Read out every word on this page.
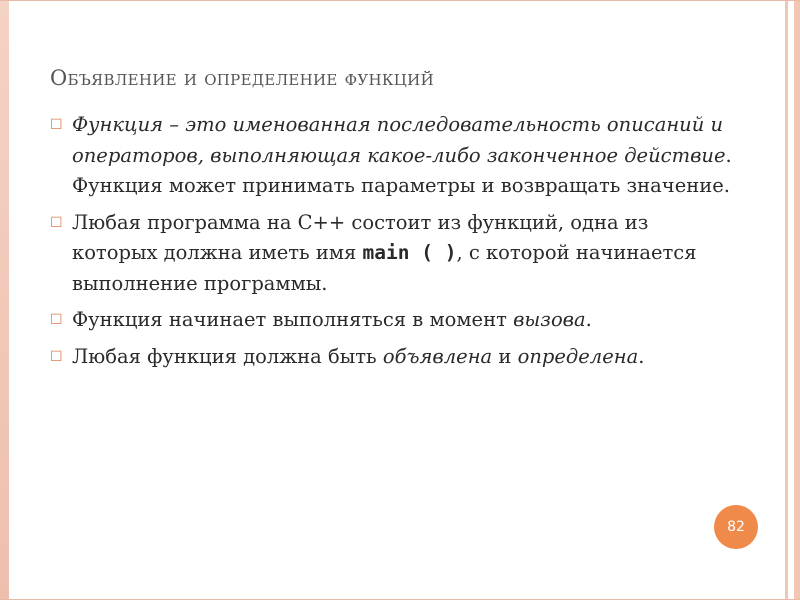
Объявление и определение функций
☐ Функция – это именованная последовательность описаний и операторов, выполняющая какое-либо законченное действие. Функция может принимать параметры и возвращать значение.
☐ Любая программа на С++ состоит из функций, одна из которых должна иметь имя main ( ), с которой начинается выполнение программы.
☐ Функция начинает выполняться в момент вызова.
☐ Любая функция должна быть объявлена и определена.
82
